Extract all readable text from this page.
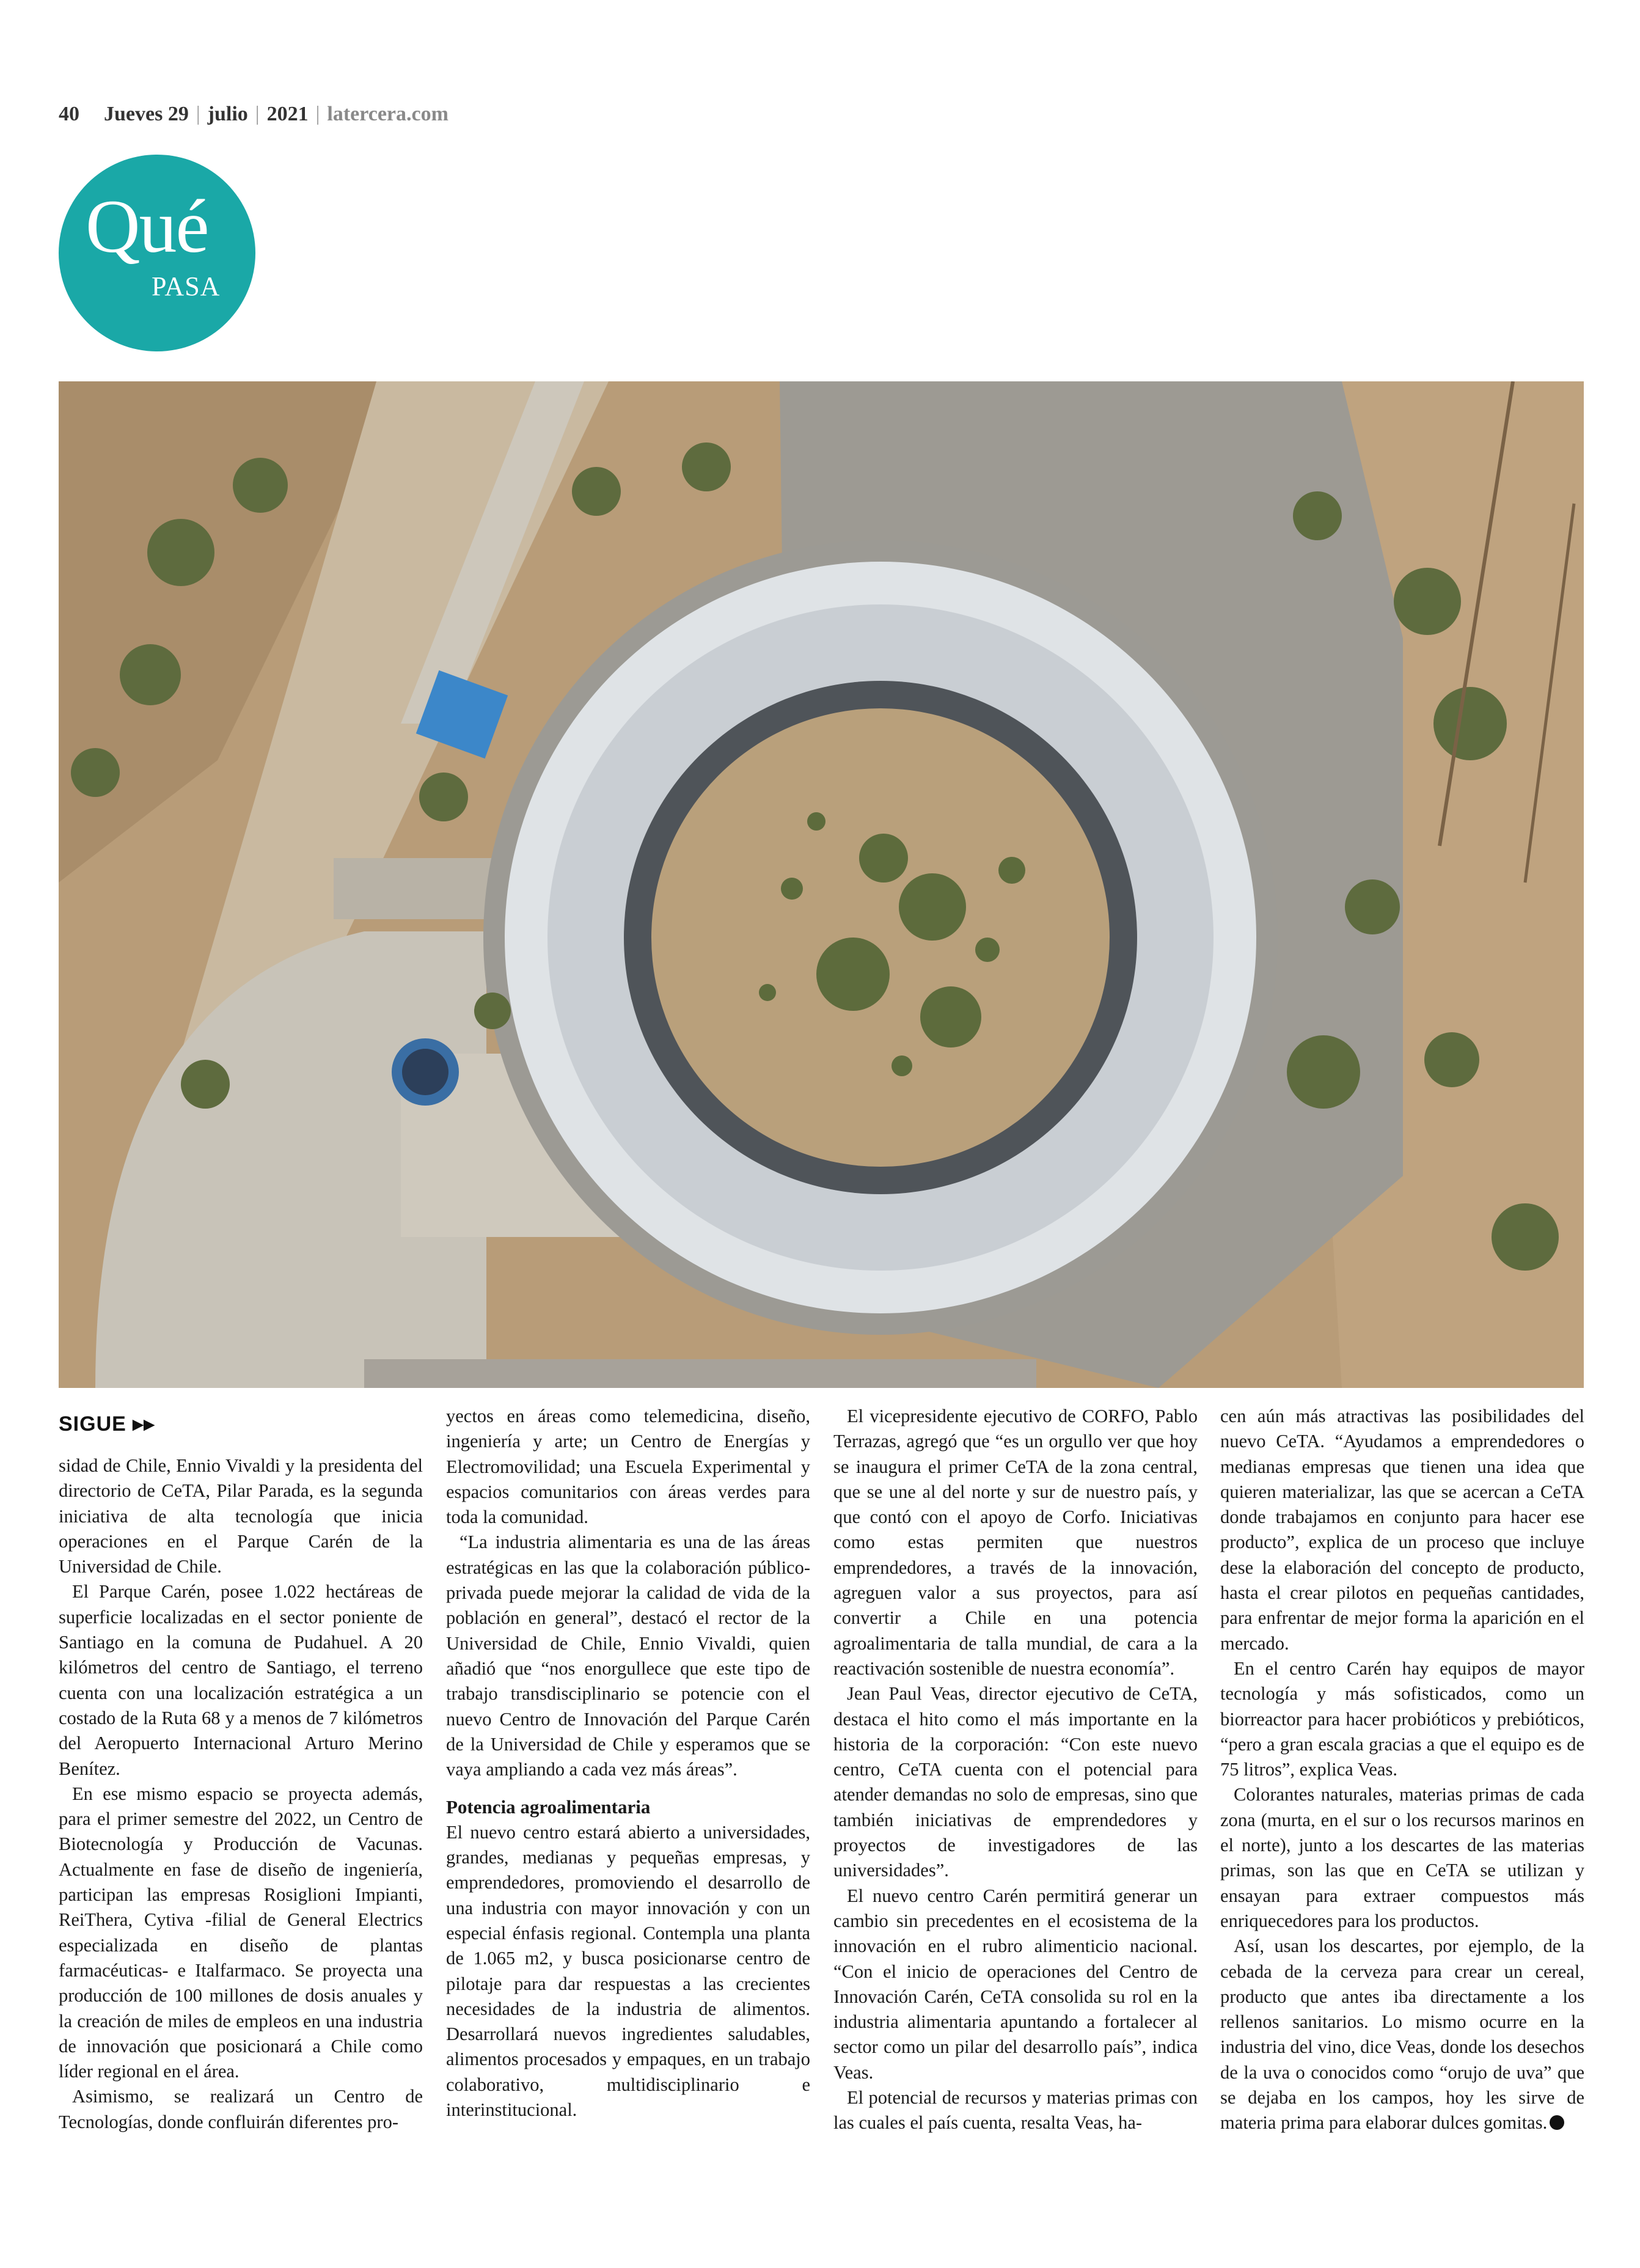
40 Jueves 29 | julio | 2021 | latercera.com
Qué
PASA
SIGUE ▸▸

sidad de Chile, Ennio Vivaldi y la presidenta del directorio de CeTA, Pilar Parada, es la segunda iniciativa de alta tecnología que inicia operaciones en el Parque Carén de la Universidad de Chile.

El Parque Carén, posee 1.022 hectáreas de superficie localizadas en el sector poniente de Santiago en la comuna de Pudahuel. A 20 kilómetros del centro de Santiago, el terreno cuenta con una localización estratégica a un costado de la Ruta 68 y a menos de 7 kilómetros del Aeropuerto Internacional Arturo Merino Benítez.

En ese mismo espacio se proyecta además, para el primer semestre del 2022, un Centro de Biotecnología y Producción de Vacunas. Actualmente en fase de diseño de ingeniería, participan las empresas Rosiglioni Impianti, ReiThera, Cytiva -filial de General Electrics especializada en diseño de plantas farmacéuticas- e Italfarmaco. Se proyecta una producción de 100 millones de dosis anuales y la creación de miles de empleos en una industria de innovación que posicionará a Chile como líder regional en el área.

Asimismo, se realizará un Centro de Tecnologías, donde confluirán diferentes pro-

yectos en áreas como telemedicina, diseño, ingeniería y arte; un Centro de Energías y Electromovilidad; una Escuela Experimental y espacios comunitarios con áreas verdes para toda la comunidad.

“La industria alimentaria es una de las áreas estratégicas en las que la colaboración público-privada puede mejorar la calidad de vida de la población en general”, destacó el rector de la Universidad de Chile, Ennio Vivaldi, quien añadió que “nos enorgullece que este tipo de trabajo transdisciplinario se potencie con el nuevo Centro de Innovación del Parque Carén de la Universidad de Chile y esperamos que se vaya ampliando a cada vez más áreas”.

Potencia agroalimentaria

El nuevo centro estará abierto a universidades, grandes, medianas y pequeñas empresas, y emprendedores, promoviendo el desarrollo de una industria con mayor innovación y con un especial énfasis regional. Contempla una planta de 1.065 m2, y busca posicionarse centro de pilotaje para dar respuestas a las crecientes necesidades de la industria de alimentos. Desarrollará nuevos ingredientes saludables, alimentos procesados y empaques, en un trabajo colaborativo, multidisciplinario e interinstitucional.

El vicepresidente ejecutivo de CORFO, Pablo Terrazas, agregó que “es un orgullo ver que hoy se inaugura el primer CeTA de la zona central, que se une al del norte y sur de nuestro país, y que contó con el apoyo de Corfo. Iniciativas como estas permiten que nuestros emprendedores, a través de la innovación, agreguen valor a sus proyectos, para así convertir a Chile en una potencia agroalimentaria de talla mundial, de cara a la reactivación sostenible de nuestra economía”.

Jean Paul Veas, director ejecutivo de CeTA, destaca el hito como el más importante en la historia de la corporación: “Con este nuevo centro, CeTA cuenta con el potencial para atender demandas no solo de empresas, sino que también iniciativas de emprendedores y proyectos de investigadores de las universidades”.

El nuevo centro Carén permitirá generar un cambio sin precedentes en el ecosistema de la innovación en el rubro alimenticio nacional. “Con el inicio de operaciones del Centro de Innovación Carén, CeTA consolida su rol en la industria alimentaria apuntando a fortalecer al sector como un pilar del desarrollo país”, indica Veas.

El potencial de recursos y materias primas con las cuales el país cuenta, resalta Veas, ha-

cen aún más atractivas las posibilidades del nuevo CeTA. “Ayudamos a emprendedores o medianas empresas que tienen una idea que quieren materializar, las que se acercan a CeTA donde trabajamos en conjunto para hacer ese producto”, explica de un proceso que incluye dese la elaboración del concepto de producto, hasta el crear pilotos en pequeñas cantidades, para enfrentar de mejor forma la aparición en el mercado.

En el centro Carén hay equipos de mayor tecnología y más sofisticados, como un biorreactor para hacer probióticos y prebióticos, “pero a gran escala gracias a que el equipo es de 75 litros”, explica Veas.

Colorantes naturales, materias primas de cada zona (murta, en el sur o los recursos marinos en el norte), junto a los descartes de las materias primas, son las que en CeTA se utilizan y ensayan para extraer compuestos más enriquecedores para los productos.

Así, usan los descartes, por ejemplo, de la cebada de la cerveza para crear un cereal, producto que antes iba directamente a los rellenos sanitarios. Lo mismo ocurre en la industria del vino, dice Veas, donde los desechos de la uva o conocidos como “orujo de uva” que se dejaba en los campos, hoy les sirve de materia prima para elaborar dulces gomitas.
